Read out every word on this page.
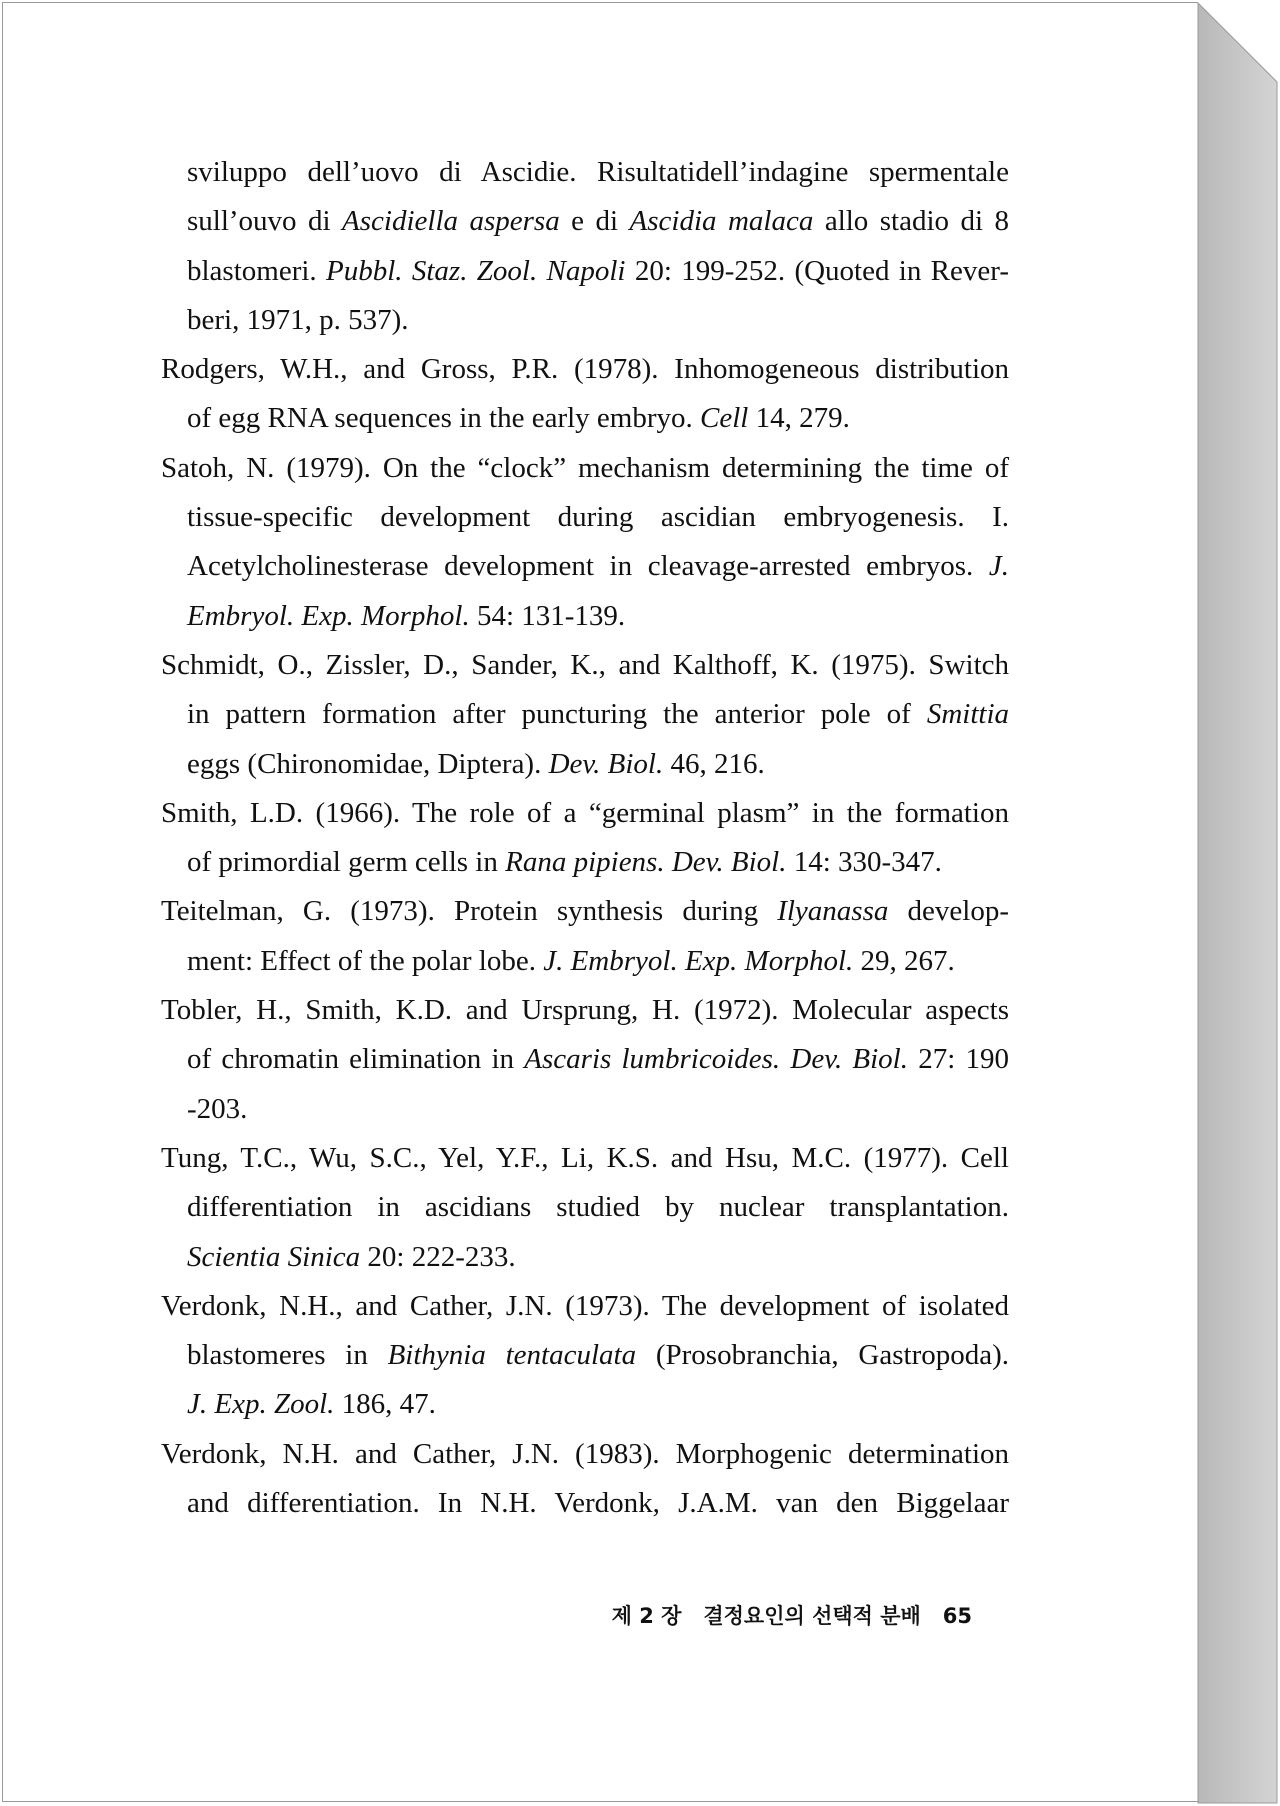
sviluppo dell’uovo di Ascidie. Risultatidell’indagine spermentale
sull’ouvo di Ascidiella aspersa e di Ascidia malaca allo stadio di 8
blastomeri. Pubbl. Staz. Zool. Napoli 20: 199-252. (Quoted in Rever-
beri, 1971, p. 537).
Rodgers, W.H., and Gross, P.R. (1978). Inhomogeneous distribution
of egg RNA sequences in the early embryo. Cell 14, 279.
Satoh, N. (1979). On the “clock” mechanism determining the time of
tissue-specific development during ascidian embryogenesis. I.
Acetylcholinesterase development in cleavage-arrested embryos. J.
Embryol. Exp. Morphol. 54: 131-139.
Schmidt, O., Zissler, D., Sander, K., and Kalthoff, K. (1975). Switch
in pattern formation after puncturing the anterior pole of Smittia
eggs (Chironomidae, Diptera). Dev. Biol. 46, 216.
Smith, L.D. (1966). The role of a “germinal plasm” in the formation
of primordial germ cells in Rana pipiens. Dev. Biol. 14: 330-347.
Teitelman, G. (1973). Protein synthesis during Ilyanassa develop-
ment: Effect of the polar lobe. J. Embryol. Exp. Morphol. 29, 267.
Tobler, H., Smith, K.D. and Ursprung, H. (1972). Molecular aspects
of chromatin elimination in Ascaris lumbricoides. Dev. Biol. 27: 190
-203.
Tung, T.C., Wu, S.C., Yel, Y.F., Li, K.S. and Hsu, M.C. (1977). Cell
differentiation in ascidians studied by nuclear transplantation.
Scientia Sinica 20: 222-233.
Verdonk, N.H., and Cather, J.N. (1973). The development of isolated
blastomeres in Bithynia tentaculata (Prosobranchia, Gastropoda).
J. Exp. Zool. 186, 47.
Verdonk, N.H. and Cather, J.N. (1983). Morphogenic determination
and differentiation. In N.H. Verdonk, J.A.M. van den Biggelaar
제 2 장   결정요인의 선택적 분배 65
